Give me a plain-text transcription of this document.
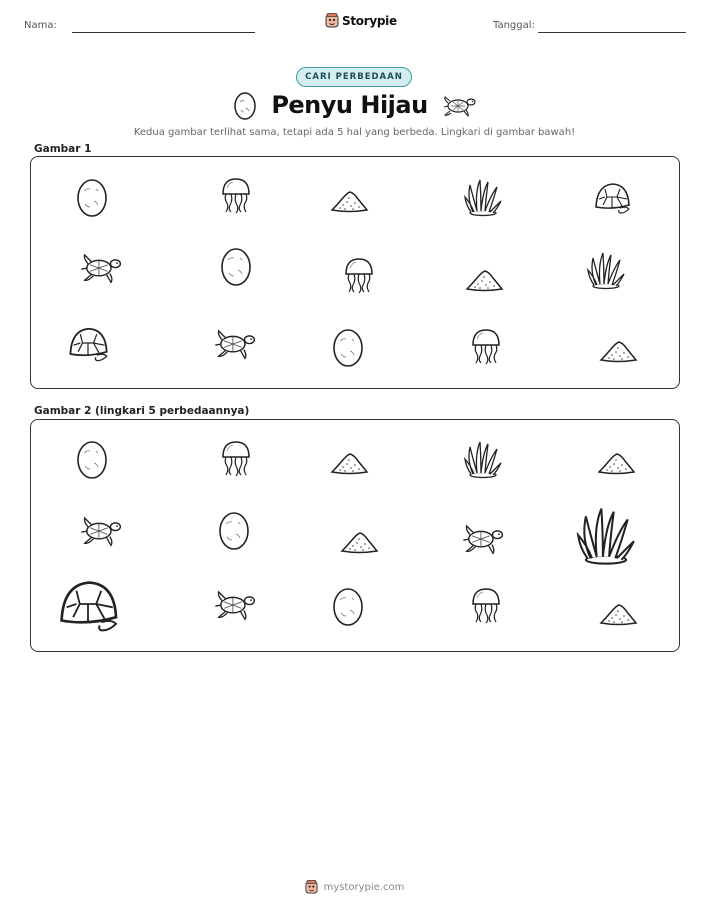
Nama:	Storypie	Tanggal:
CARI PERBEDAAN
Penyu Hijau
Kedua gambar terlihat sama, tetapi ada 5 hal yang berbeda. Lingkari di gambar bawah!
Gambar 1
Gambar 2 (lingkari 5 perbedaannya)
mystorypie.com
